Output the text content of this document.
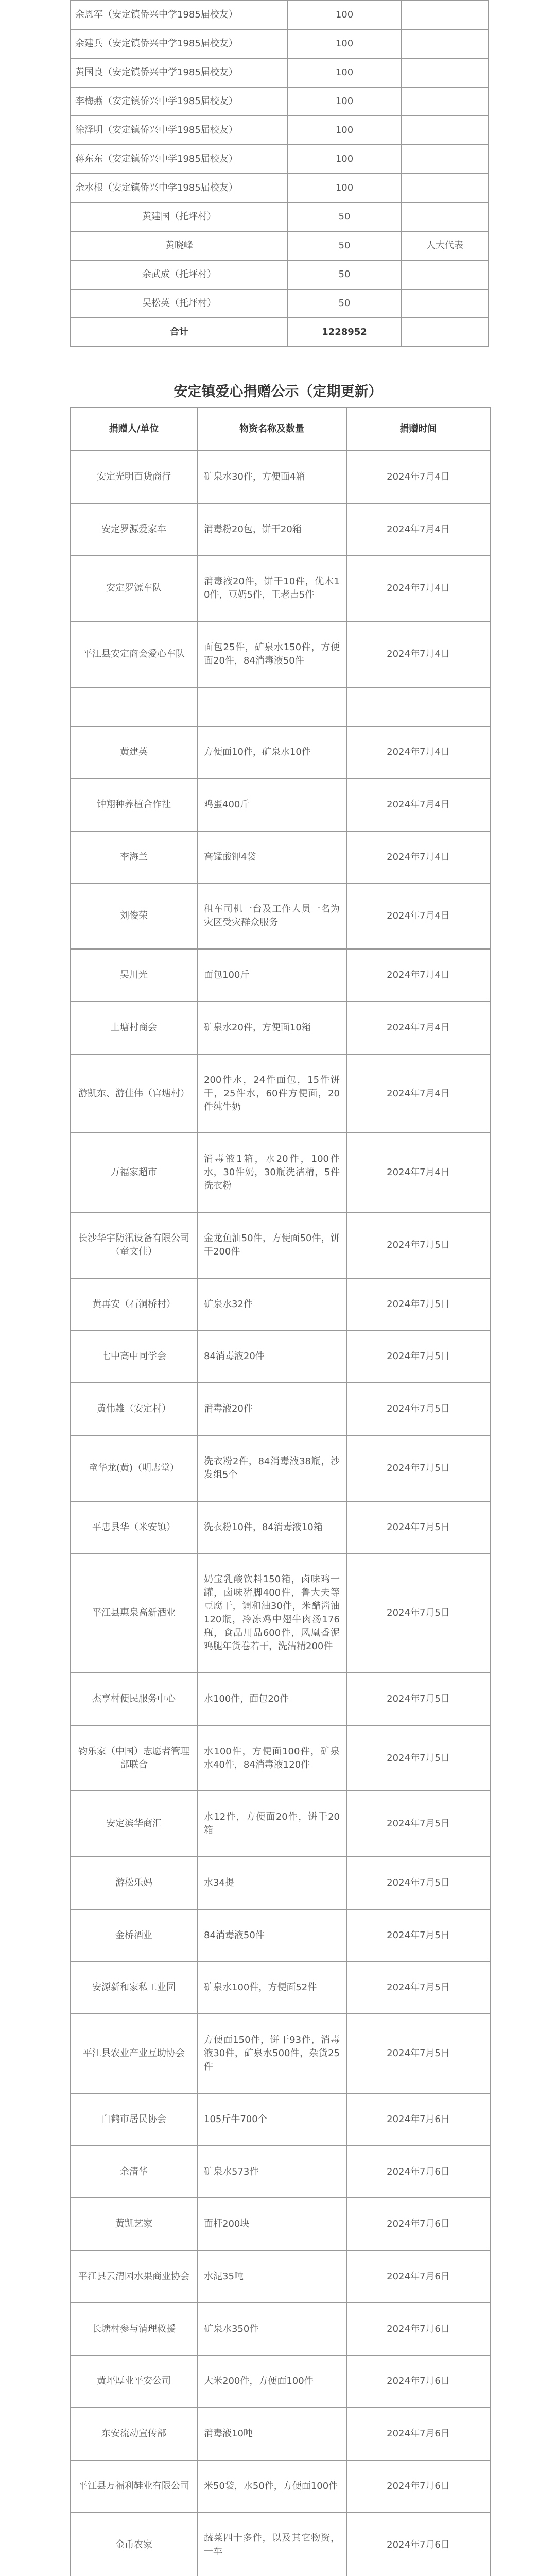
余恩军（安定镇侨兴中学1985届校友）	100	
余建兵（安定镇侨兴中学1985届校友）	100	
黄国良（安定镇侨兴中学1985届校友）	100	
李梅燕（安定镇侨兴中学1985届校友）	100	
徐泽明（安定镇侨兴中学1985届校友）	100	
蒋东东（安定镇侨兴中学1985届校友）	100	
余水根（安定镇侨兴中学1985届校友）	100	
黄建国（托坪村）	50	
黄晓峰	50	人大代表
余武成（托坪村）	50	
吴松英（托坪村）	50	
合计	1228952	
安定镇爱心捐赠公示（定期更新）
捐赠人/单位	物资名称及数量	捐赠时间
安定光明百货商行	矿泉水30件，方便面4箱	2024年7月4日
安定罗源爱家车	消毒粉20包，饼干20箱	2024年7月4日
安定罗源车队	消毒液20件，饼干10件，优木10件，豆奶5件，王老吉5件	2024年7月4日
平江县安定商会爱心车队	面包25件，矿泉水150件，方便面20件，84消毒液50件	2024年7月4日

黄建英	方便面10件，矿泉水10件	2024年7月4日
钟翔种养植合作社	鸡蛋400斤	2024年7月4日
李海兰	高锰酸钾4袋	2024年7月4日
刘俊荣	租车司机一台及工作人员一名为灾区受灾群众服务	2024年7月4日
吴川光	面包100斤	2024年7月4日
上塘村商会	矿泉水20件，方便面10箱	2024年7月4日
游凯东、游佳伟（官塘村）	200件水，24件面包，15件饼干，25件水，60件方便面，20件纯牛奶	2024年7月4日
万福家超市	消毒液1箱，水20件，100件水，30件奶，30瓶洗洁精，5件洗衣粉	2024年7月4日
长沙华宇防汛设备有限公司（童文佳）	金龙鱼油50件，方便面50件，饼干200件	2024年7月5日
黄再安（石洞桥村）	矿泉水32件	2024年7月5日
七中高中同学会	84消毒液20件	2024年7月5日
黄伟雄（安定村）	消毒液20件	2024年7月5日
童华龙(黄)（明志堂）	洗衣粉2件，84消毒液38瓶，沙发组5个	2024年7月5日
平忠县华（米安镇）	洗衣粉10件，84消毒液10箱	2024年7月5日
平江县惠泉高新酒业	奶宝乳酸饮料150箱，卤味鸡一罐，卤味猪脚400件，鲁大夫等豆腐干，调和油30件，米醋酱油120瓶，冷冻鸡中翅牛肉汤176瓶，食品用品600件，风凰香泥鸡腿年货卷若干，洗洁精200件	2024年7月5日
杰亨村便民服务中心	水100件，面包20件	2024年7月5日
钧乐家（中国）志愿者管理部联合	水100件，方便面100件，矿泉水40件，84消毒液120件	2024年7月5日
安定滨华商汇	水12件，方便面20件，饼干20箱	2024年7月5日
游松乐妈	水34提	2024年7月5日
金桥酒业	84消毒液50件	2024年7月5日
安源新和家私工业园	矿泉水100件，方便面52件	2024年7月5日
平江县农业产业互助协会	方便面150件，饼干93件，消毒液30件，矿泉水500件，杂货25件	2024年7月5日
白鹤市居民协会	105斤牛700个	2024年7月6日
余清华	矿泉水573件	2024年7月6日
黄凯艺家	面杆200块	2024年7月6日
平江县云清园水果商业协会	水泥35吨	2024年7月6日
长塘村参与清理救援	矿泉水350件	2024年7月6日
黄坪厚业平安公司	大米200件，方便面100件	2024年7月6日
东安流动宣传部	消毒液10吨	2024年7月6日
平江县万福利鞋业有限公司	米50袋，水50件，方便面100件	2024年7月6日
金币农家	蔬菜四十多件，以及其它物资，一车	2024年7月6日
